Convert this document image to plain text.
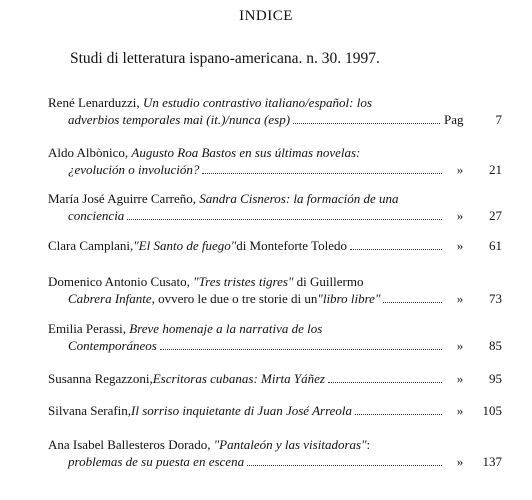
INDICE
Studi di letteratura ispano-americana. n. 30. 1997.
René Lenarduzzi, Un estudio contrastivo italiano/español: los
adverbios temporales mai (it.)/nunca (esp)	Pag	7
Aldo Albònico, Augusto Roa Bastos en sus últimas novelas:
¿evolución o involución?	»	21
María José Aguirre Carreño, Sandra Cisneros: la formación de una
conciencia	»	27
Clara Camplani, "El Santo de fuego" di Monteforte Toledo	»	61
Domenico Antonio Cusato, "Tres tristes tigres" di Guillermo
Cabrera Infante , ovvero le due o tre storie di un "libro libre"	»	73
Emilia Perassi, Breve homenaje a la narrativa de los
Contemporáneos	»	85
Susanna Regazzoni, Escritoras cubanas: Mirta Yáñez	»	95
Silvana Serafin, Il sorriso inquietante di Juan José Arreola	»	105
Ana Isabel Ballesteros Dorado, "Pantaleón y las visitadoras":
problemas de su puesta en escena	»	137
